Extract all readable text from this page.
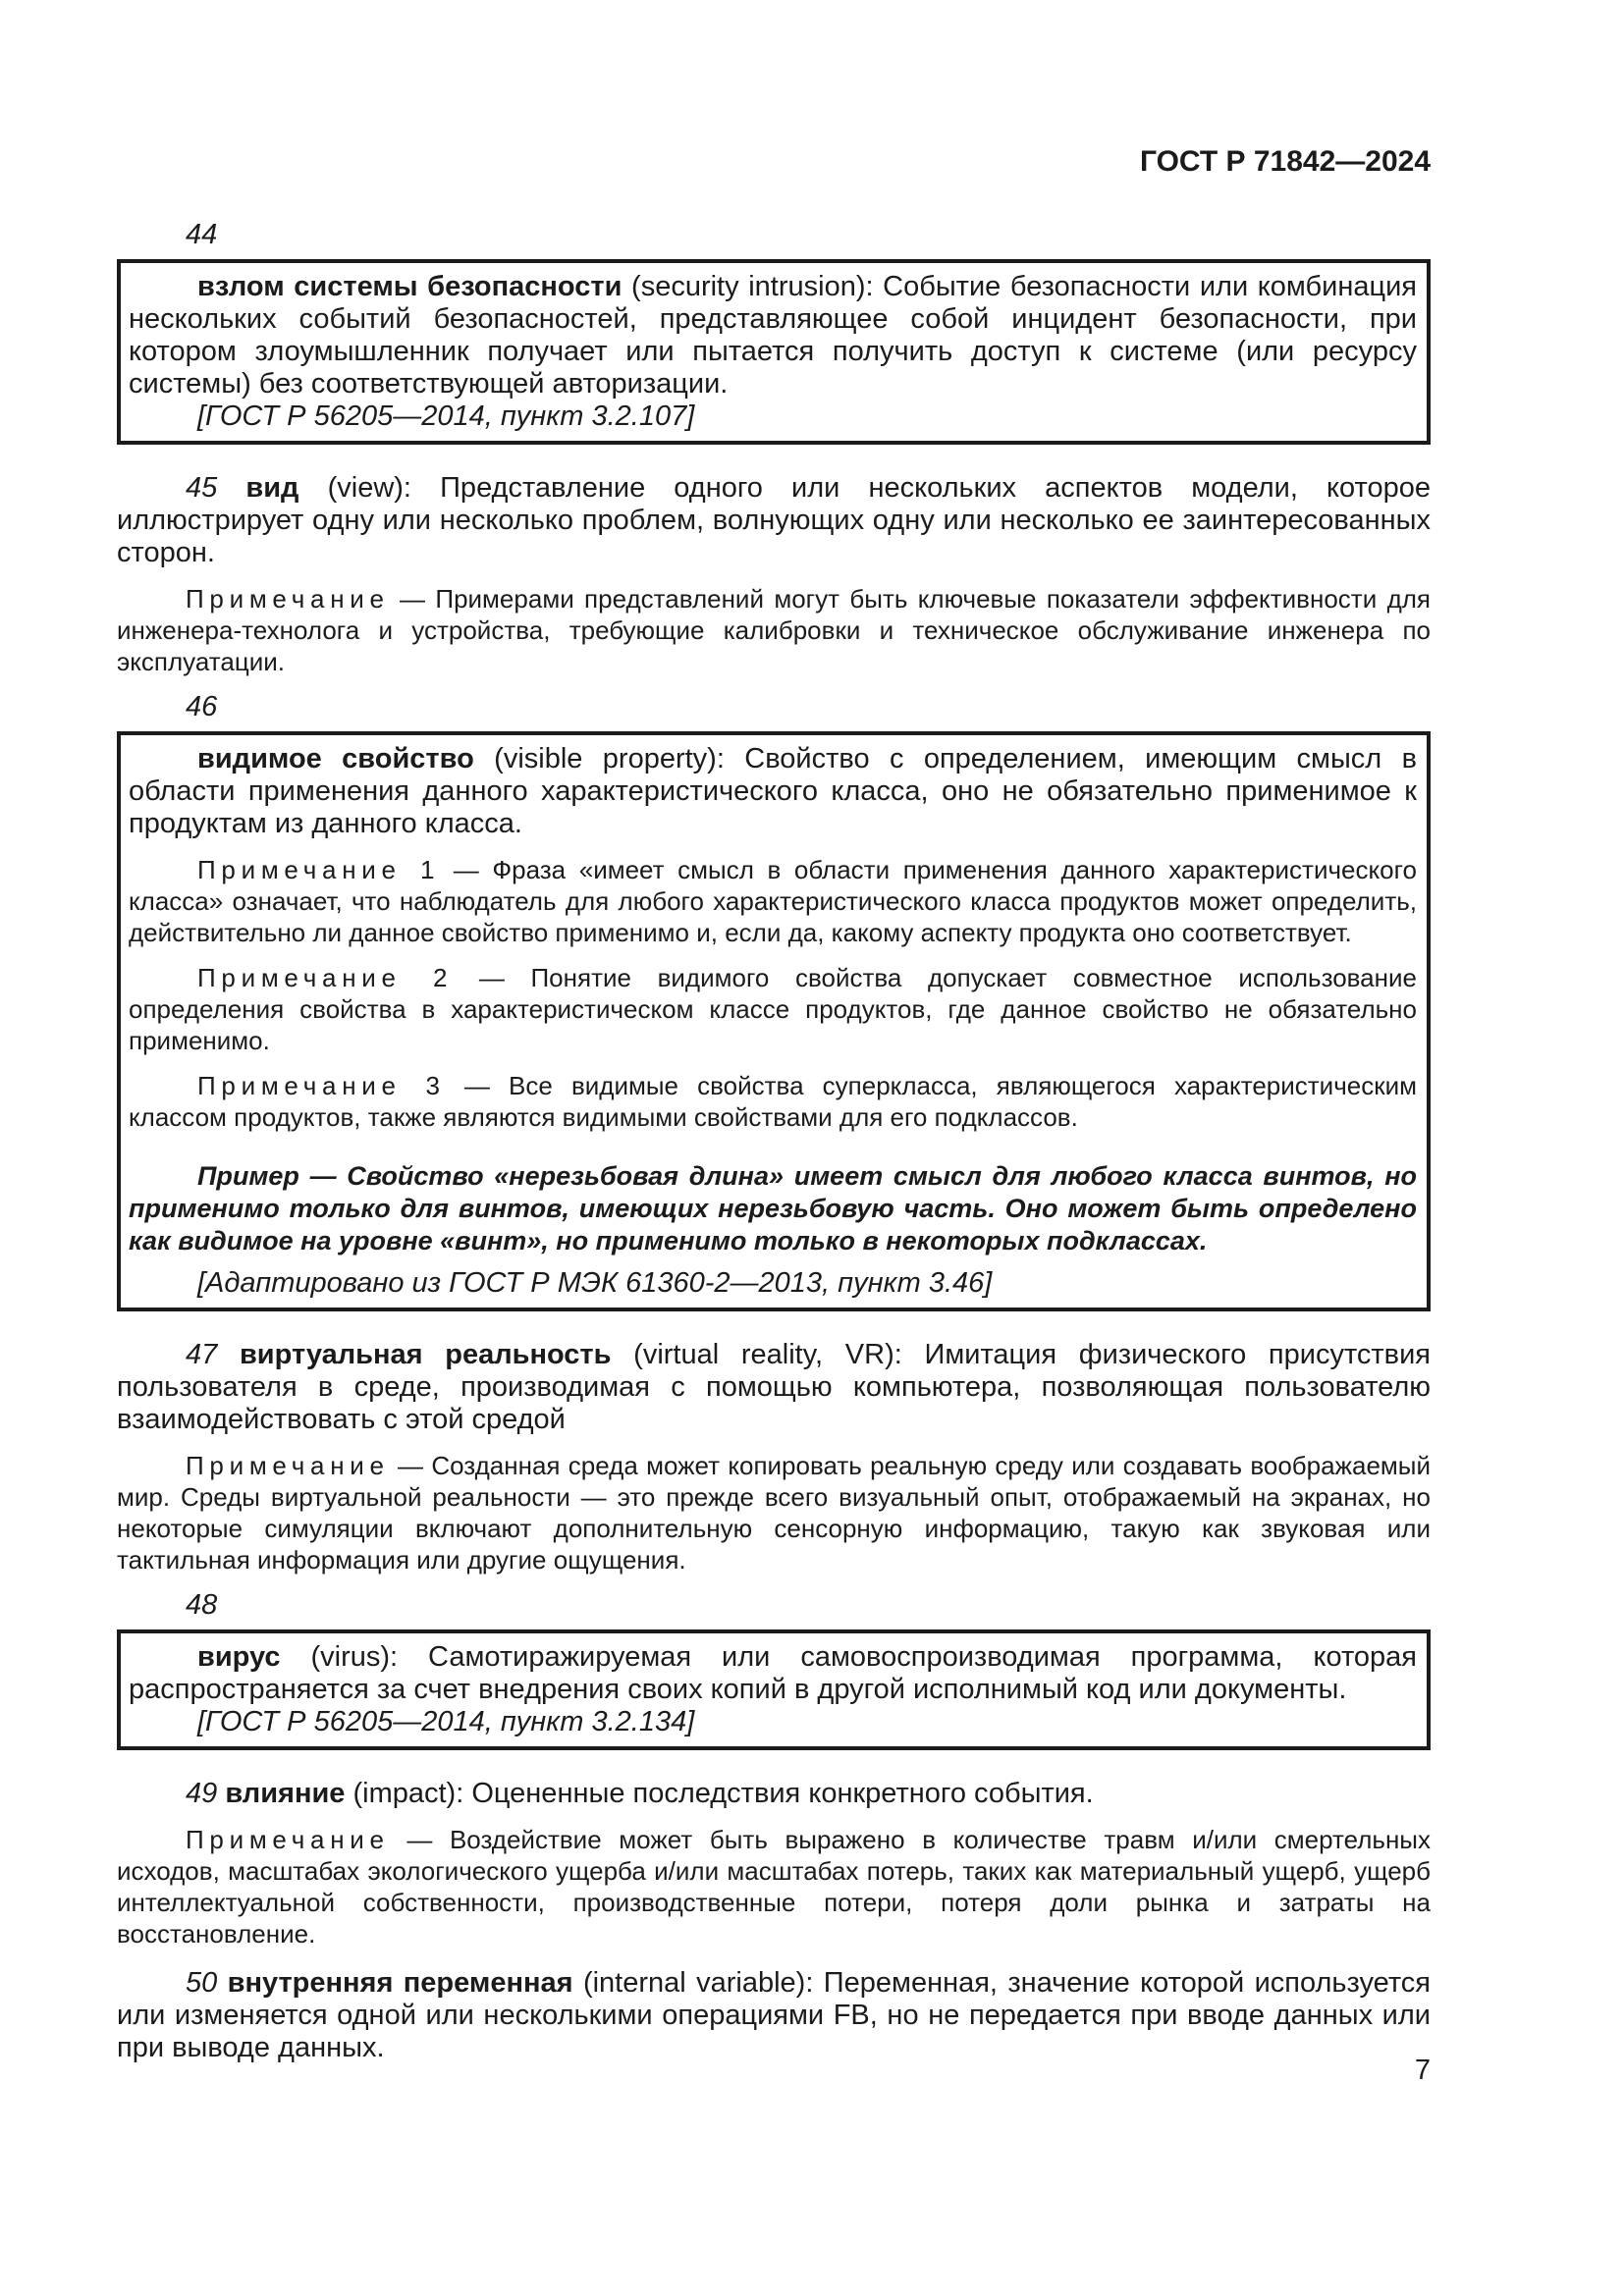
ГОСТ Р 71842—2024
44

взлом системы безопасности (security intrusion): Событие безопасности или комбинация нескольких событий безопасностей, представляющее собой инцидент безопасности, при котором злоумышленник получает или пытается получить доступ к системе (или ресурсу системы) без соответствующей авторизации.

[ГОСТ Р 56205—2014, пункт 3.2.107]

45 вид (view): Представление одного или нескольких аспектов модели, которое иллюстрирует одну или несколько проблем, волнующих одну или несколько ее заинтересованных сторон.

Примечание — Примерами представлений могут быть ключевые показатели эффективности для инженера-технолога и устройства, требующие калибровки и техническое обслуживание инженера по эксплуатации.

46

видимое свойство (visible property): Свойство с определением, имеющим смысл в области применения данного характеристического класса, оно не обязательно применимое к продуктам из данного класса.

Примечание 1 — Фраза «имеет смысл в области применения данного характеристического класса» означает, что наблюдатель для любого характеристического класса продуктов может определить, действительно ли данное свойство применимо и, если да, какому аспекту продукта оно соответствует.

Примечание 2 — Понятие видимого свойства допускает совместное использование определения свойства в характеристическом классе продуктов, где данное свойство не обязательно применимо.

Примечание 3 — Все видимые свойства суперкласса, являющегося характеристическим классом продуктов, также являются видимыми свойствами для его подклассов.

Пример — Свойство «нерезьбовая длина» имеет смысл для любого класса винтов, но применимо только для винтов, имеющих нерезьбовую часть. Оно может быть определено как видимое на уровне «винт», но применимо только в некоторых подклассах.

[Адаптировано из ГОСТ Р МЭК 61360-2—2013, пункт 3.46]

47 виртуальная реальность (virtual reality, VR): Имитация физического присутствия пользователя в среде, производимая с помощью компьютера, позволяющая пользователю взаимодействовать с этой средой

Примечание — Созданная среда может копировать реальную среду или создавать воображаемый мир. Среды виртуальной реальности — это прежде всего визуальный опыт, отображаемый на экранах, но некоторые симуляции включают дополнительную сенсорную информацию, такую как звуковая или тактильная информация или другие ощущения.

48

вирус (virus): Самотиражируемая или самовоспроизводимая программа, которая распространяется за счет внедрения своих копий в другой исполнимый код или документы.

[ГОСТ Р 56205—2014, пункт 3.2.134]

49 влияние (impact): Оцененные последствия конкретного события.

Примечание — Воздействие может быть выражено в количестве травм и/или смертельных исходов, масштабах экологического ущерба и/или масштабах потерь, таких как материальный ущерб, ущерб интеллектуальной собственности, производственные потери, потеря доли рынка и затраты на восстановление.

50 внутренняя переменная (internal variable): Переменная, значение которой используется или изменяется одной или несколькими операциями FB, но не передается при вводе данных или при выводе данных.

7
